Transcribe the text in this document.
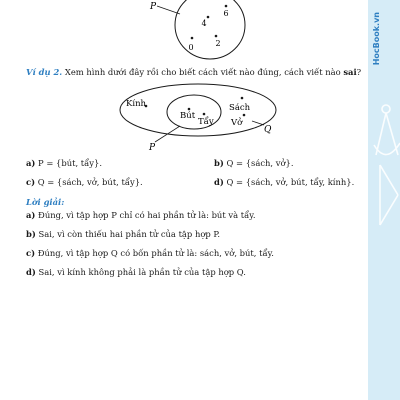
P
6
4
0	2
Ví dụ 2. Xem hình dưới đây rồi cho biết cách viết nào đúng, cách viết nào sai?
Q
P
Kính
Bút
Tẩy
Sách
Vở
a) P = {bút, tẩy}.	b) Q = {sách, vở}.
c) Q = {sách, vở, bút, tẩy}.	d) Q = {sách, vở, bút, tẩy, kính}.
Lời giải:
a) Đúng, vì tập hợp P chỉ có hai phần tử là: bút và tẩy.
b) Sai, vì còn thiếu hai phần tử của tập hợp P.
c) Đúng, vì tập hợp Q có bốn phần tử là: sách, vở, bút, tẩy.
d) Sai, vì kính không phải là phần tử của tập hợp Q.
HocBook.vn
